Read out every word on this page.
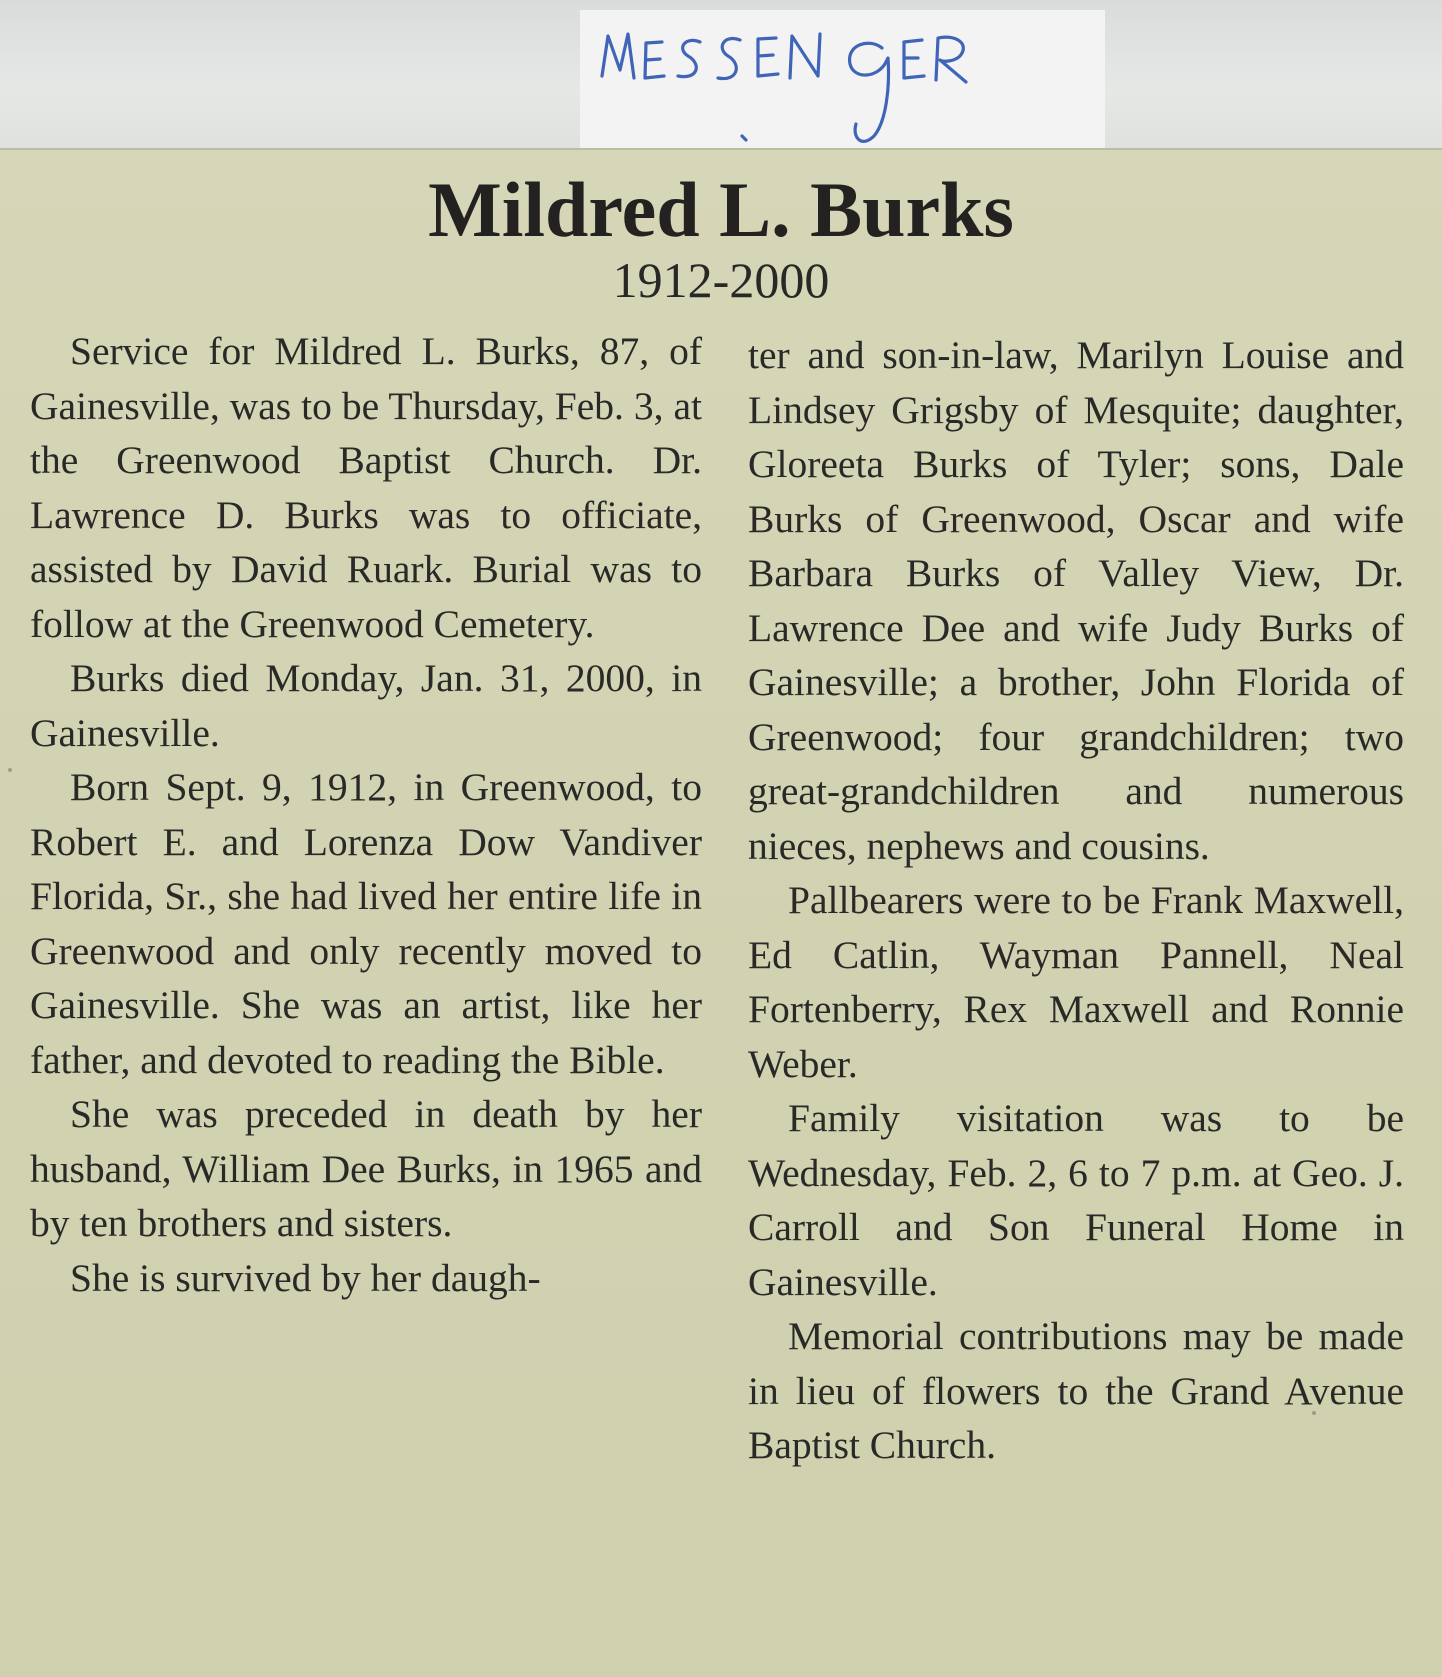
Mildred L. Burks
1912-2000

Service for Mildred L. Burks, 87, of Gainesville, was to be Thursday, Feb. 3, at the Greenwood Baptist Church. Dr. Lawrence D. Burks was to officiate, assisted by David Ruark. Burial was to follow at the Greenwood Cemetery.

Burks died Monday, Jan. 31, 2000, in Gainesville.

Born Sept. 9, 1912, in Greenwood, to Robert E. and Lorenza Dow Vandiver Florida, Sr., she had lived her entire life in Greenwood and only recently moved to Gainesville. She was an artist, like her father, and devoted to reading the Bible.

She was preceded in death by her husband, William Dee Burks, in 1965 and by ten brothers and sisters.

She is survived by her daugh-

ter and son-in-law, Marilyn Louise and Lindsey Grigsby of Mesquite; daughter, Gloreeta Burks of Tyler; sons, Dale Burks of Greenwood, Oscar and wife Barbara Burks of Valley View, Dr. Lawrence Dee and wife Judy Burks of Gainesville; a brother, John Florida of Greenwood; four grandchildren; two great-grandchildren and numerous nieces, nephews and cousins.

Pallbearers were to be Frank Maxwell, Ed Catlin, Wayman Pannell, Neal Fortenberry, Rex Maxwell and Ronnie Weber.

Family visitation was to be Wednesday, Feb. 2, 6 to 7 p.m. at Geo. J. Carroll and Son Funeral Home in Gainesville.

Memorial contributions may be made in lieu of flowers to the Grand Avenue Baptist Church.
